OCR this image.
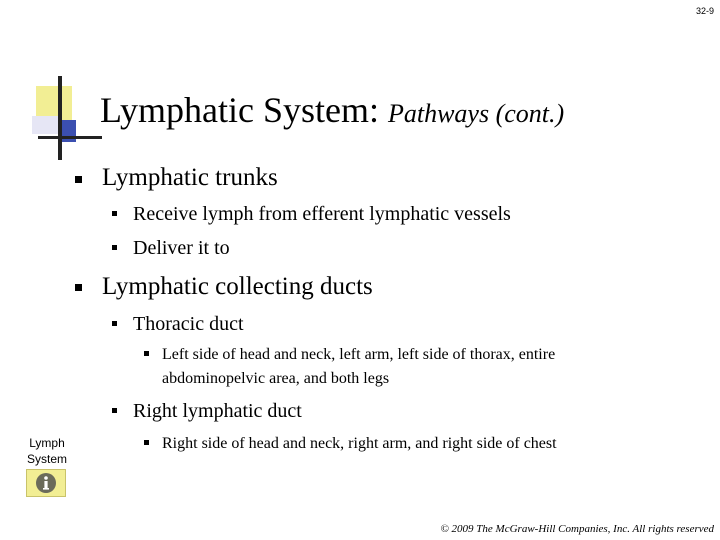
32-9
Lymphatic System: Pathways (cont.)
Lymphatic trunks
Receive lymph from efferent lymphatic vessels
Deliver it to
Lymphatic collecting ducts
Thoracic duct
Left side of head and neck, left arm, left side of thorax, entire
abdominopelvic area, and both legs
Right lymphatic duct
Right side of head and neck, right arm, and right side of chest
Lymph
System
© 2009 The McGraw-Hill Companies, Inc. All rights reserved
